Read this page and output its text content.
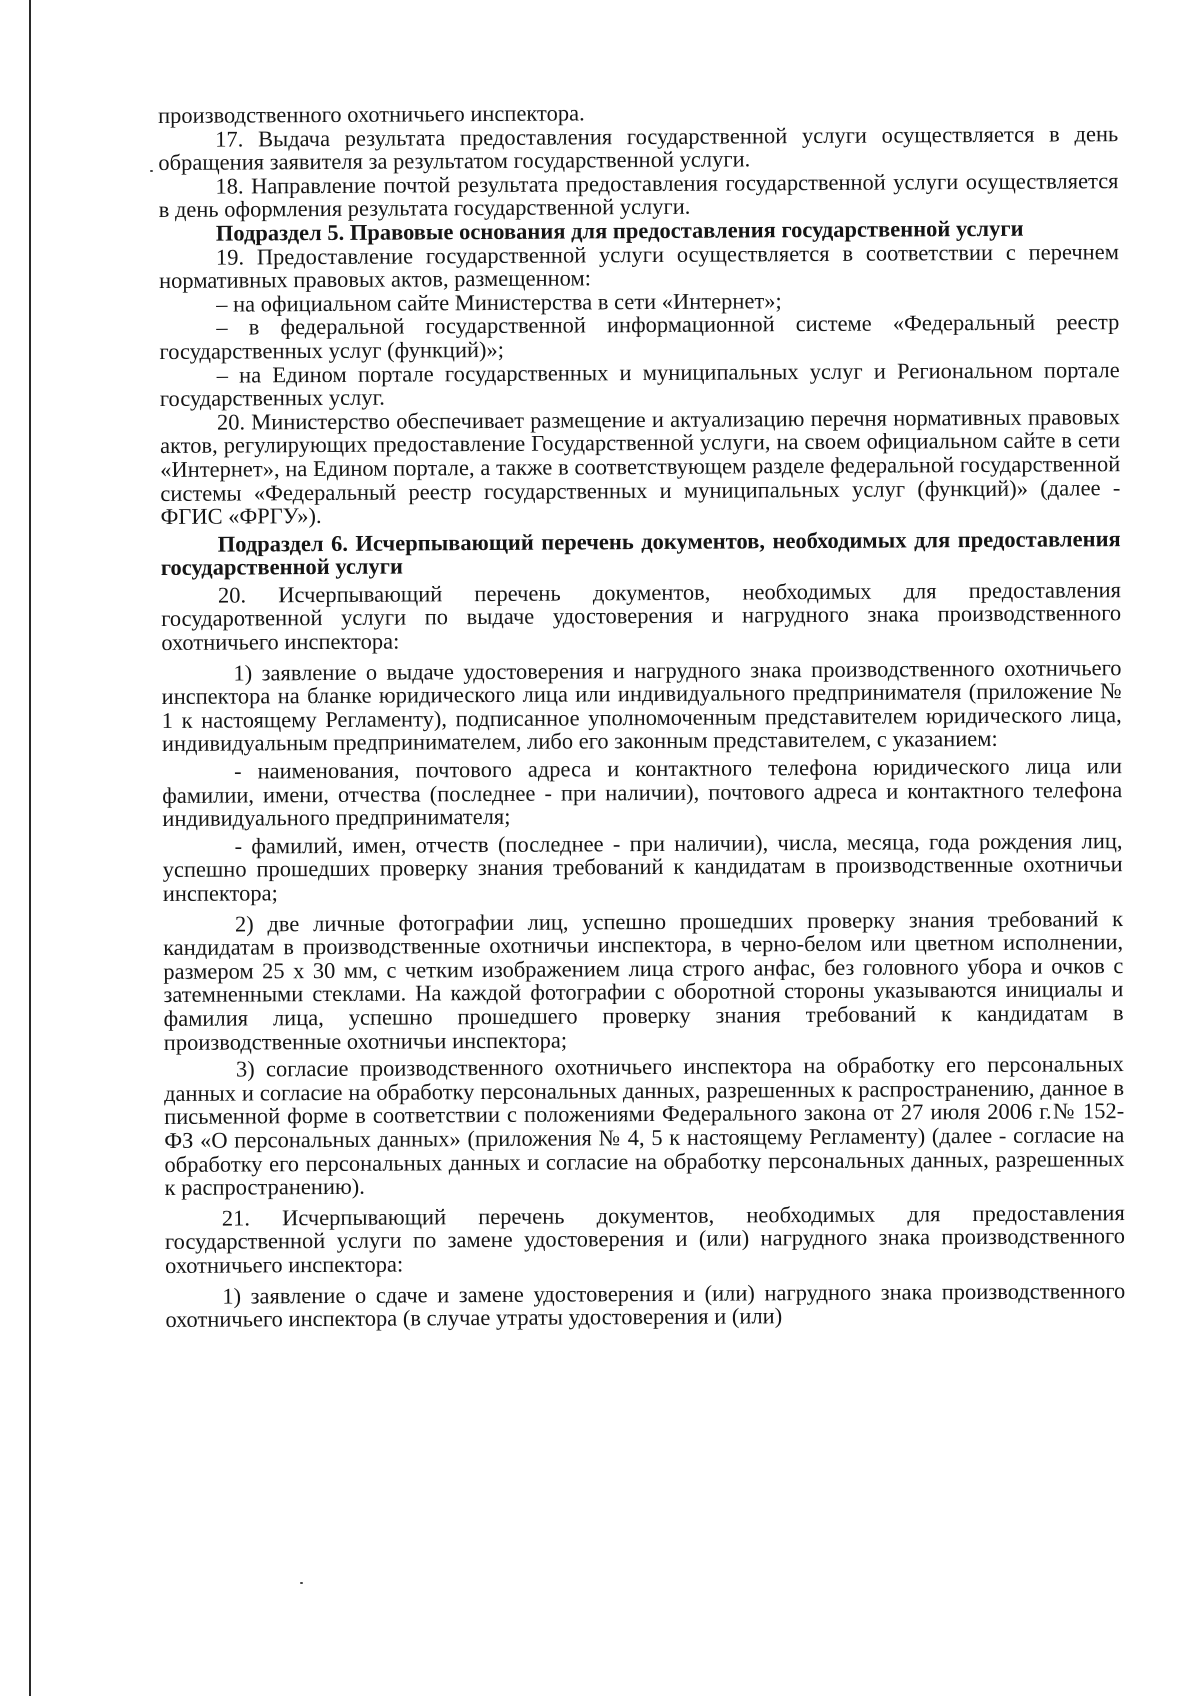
производственного охотничьего инспектора.

17. Выдача результата предоставления государственной услуги осуществляется в день обращения заявителя за результатом государственной услуги.

18. Направление почтой результата предоставления государственной услуги осуществляется в день оформления результата государственной услуги.

Подраздел 5. Правовые основания для предоставления государственной услуги

19. Предоставление государственной услуги осуществляется в соответствии с перечнем нормативных правовых актов, размещенном:

– на официальном сайте Министерства в сети «Интернет»;

– в федеральной государственной информационной системе «Федеральный реестр государственных услуг (функций)»;

– на Едином портале государственных и муниципальных услуг и Региональном портале государственных услуг.

20. Министерство обеспечивает размещение и актуализацию перечня нормативных правовых актов, регулирующих предоставление Государственной услуги, на своем официальном сайте в сети «Интернет», на Едином портале, а также в соответствующем разделе федеральной государственной системы «Федеральный реестр государственных и муниципальных услуг (функций)» (далее - ФГИС «ФРГУ»).

Подраздел 6. Исчерпывающий перечень документов, необходимых для предоставления государственной услуги

20. Исчерпывающий перечень документов, необходимых для предоставления государотвенной услуги по выдаче удостоверения и нагрудного знака производственного охотничьего инспектора:

1) заявление о выдаче удостоверения и нагрудного знака производственного охотничьего инспектора на бланке юридического лица или индивидуального предпринимателя (приложение № 1 к настоящему Регламенту), подписанное уполномоченным представителем юридического лица, индивидуальным предпринимателем, либо его законным представителем, с указанием:

- наименования, почтового адреса и контактного телефона юридического лица или фамилии, имени, отчества (последнее - при наличии), почтового адреса и контактного телефона индивидуального предпринимателя;

- фамилий, имен, отчеств (последнее - при наличии), числа, месяца, года рождения лиц, успешно прошедших проверку знания требований к кандидатам в производственные охотничьи инспектора;

2) две личные фотографии лиц, успешно прошедших проверку знания требований к кандидатам в производственные охотничьи инспектора, в черно-белом или цветном исполнении, размером 25 х 30 мм, с четким изображением лица строго анфас, без головного убора и очков с затемненными стеклами. На каждой фотографии с оборотной стороны указываются инициалы и фамилия лица, успешно прошедшего проверку знания требований к кандидатам в производственные охотничьи инспектора;

3) согласие производственного охотничьего инспектора на обработку его персональных данных и согласие на обработку персональных данных, разрешенных к распространению, данное в письменной форме в соответствии с положениями Федерального закона от 27 июля 2006 г.№ 152-ФЗ «О персональных данных» (приложения № 4, 5 к настоящему Регламенту) (далее - согласие на обработку его персональных данных и согласие на обработку персональных данных, разрешенных к распространению).

21. Исчерпывающий перечень документов, необходимых для предоставления государственной услуги по замене удостоверения и (или) нагрудного знака производственного охотничьего инспектора:

1) заявление о сдаче и замене удостоверения и (или) нагрудного знака производственного охотничьего инспектора (в случае утраты удостоверения и (или)
